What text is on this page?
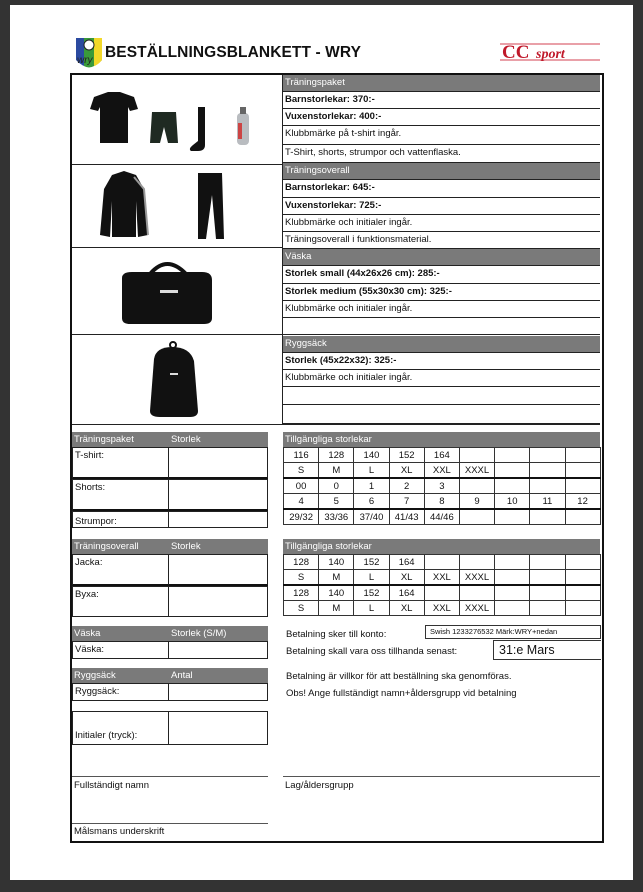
wry BESTÄLLNINGSBLANKETT - WRY	CC sport
Träningspaket
Barnstorlekar: 370:-
Vuxenstorlekar: 400:-
Klubbmärke på t-shirt ingår.
T-Shirt, shorts, strumpor och vattenflaska.
Träningsoverall
Barnstorlekar: 645:-
Vuxenstorlekar: 725:-
Klubbmärke och initialer ingår.
Träningsoverall i funktionsmaterial.
Väska
Storlek small (44x26x26 cm): 285:-
Storlek medium (55x30x30 cm): 325:-
Klubbmärke och initialer ingår.
Ryggsäck
Storlek (45x22x32): 325:-
Klubbmärke och initialer ingår.
Träningspaket	Storlek
T-shirt:
Shorts:
Strumpor:
Tillgängliga storlekar
116	128	140	152	164				
S	M	L	XL	XXL	XXXL			
00	0	1	2	3				
4	5	6	7	8	9	10	11	12
29/32	33/36	37/40	41/43	44/46				
Träningsoverall	Storlek
Jacka:
Byxa:
Tillgängliga storlekar
128	140	152	164					
S	M	L	XL	XXL	XXXL			
128	140	152	164					
S	M	L	XL	XXL	XXXL			
Väska	Storlek (S/M)
Väska:
Ryggsäck	Antal
Ryggsäck:
Initialer (tryck):
Betalning sker till konto:	Swish 1233276532 Märk:WRY+nedan
Betalning skall vara oss tillhanda senast:	31:e Mars
Betalning är villkor för att beställning ska genomföras.
Obs! Ange fullständigt namn+åldersgrupp vid betalning
Fullständigt namn	Lag/åldersgrupp
Målsmans underskrift
